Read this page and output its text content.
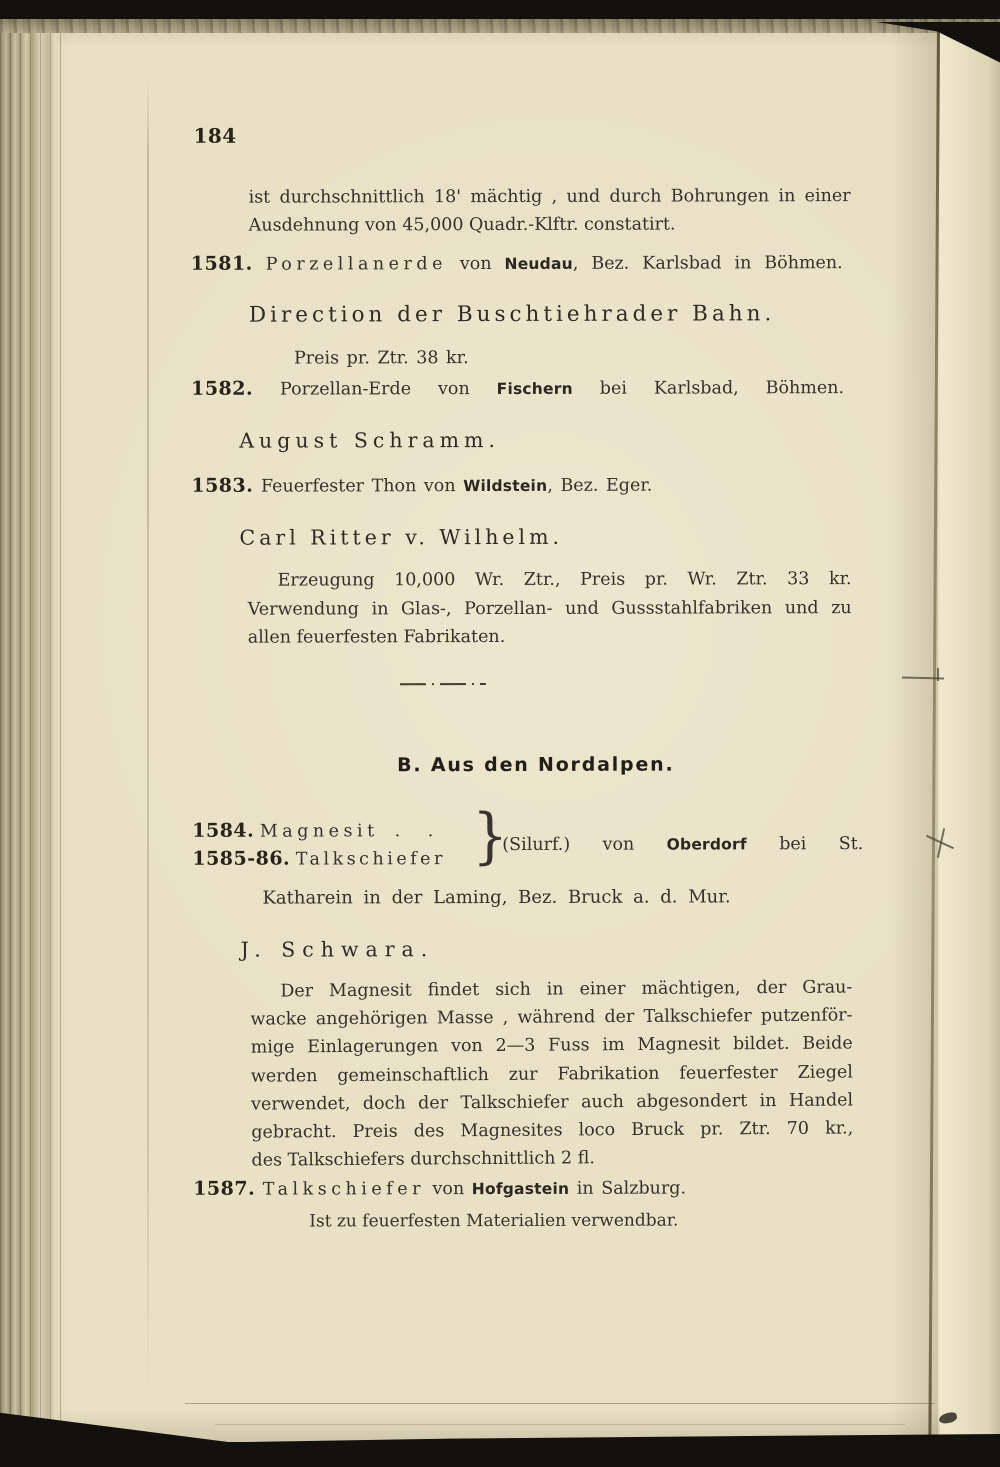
184
ist durchschnittlich 18' mächtig , und durch Bohrungen in einer
Ausdehnung von 45,000 Quadr.-Klftr. constatirt.
1581. Porzellanerde von Neudau, Bez. Karlsbad in Böhmen.
Direction der Buschtiehrader Bahn.
Preis pr. Ztr. 38 kr.
1582. Porzellan-Erde von Fischern bei Karlsbad, Böhmen.
August Schramm.
1583. Feuerfester Thon von Wildstein, Bez. Eger.
Carl Ritter v. Wilhelm.
Erzeugung 10,000 Wr. Ztr., Preis pr. Wr. Ztr. 33 kr.
Verwendung in Glas-, Porzellan- und Gussstahlfabriken und zu
allen feuerfesten Fabrikaten.
B. Aus den Nordalpen.
1584. Magnesit . .
1585-86. Talkschiefer }
(Silurf.) von Oberdorf bei St.
Katharein in der Laming, Bez. Bruck a. d. Mur.
J. Schwara.
Der Magnesit findet sich in einer mächtigen, der Grau-
wacke angehörigen Masse , während der Talkschiefer putzenför-
mige Einlagerungen von 2—3 Fuss im Magnesit bildet. Beide
werden gemeinschaftlich zur Fabrikation feuerfester Ziegel
verwendet, doch der Talkschiefer auch abgesondert in Handel
gebracht. Preis des Magnesites loco Bruck pr. Ztr. 70 kr.,
des Talkschiefers durchschnittlich 2 fl.
1587. Talkschiefer von Hofgastein in Salzburg.
Ist zu feuerfesten Materialien verwendbar.
